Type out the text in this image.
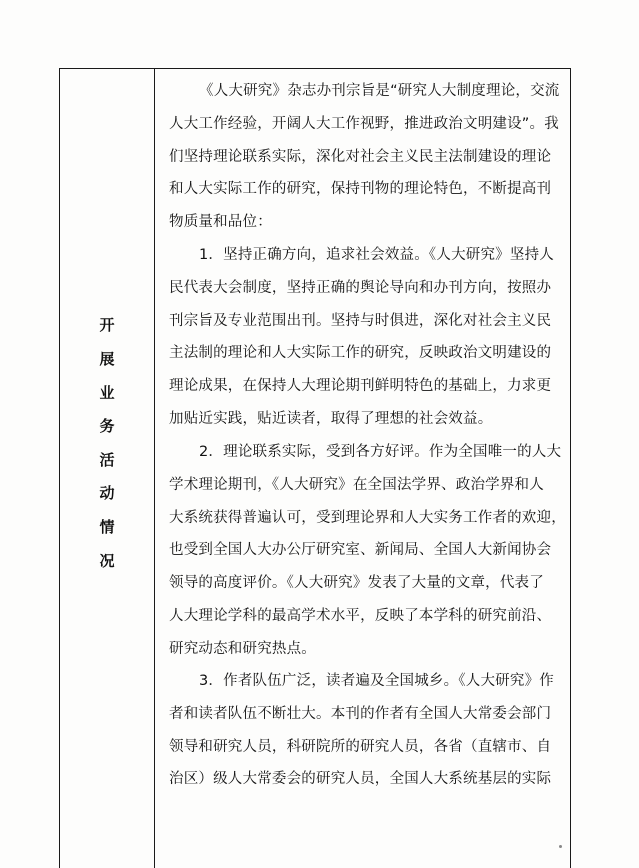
开
展
业
务
活
动
情
况
《人大研究》杂志办刊宗旨是“研究人大制度理论，交流
人大工作经验，开阔人大工作视野，推进政治文明建设”。我
们坚持理论联系实际，深化对社会主义民主法制建设的理论
和人大实际工作的研究，保持刊物的理论特色，不断提高刊
物质量和品位：
1．坚持正确方向，追求社会效益。《人大研究》坚持人
民代表大会制度，坚持正确的舆论导向和办刊方向，按照办
刊宗旨及专业范围出刊。坚持与时俱进，深化对社会主义民
主法制的理论和人大实际工作的研究，反映政治文明建设的
理论成果，在保持人大理论期刊鲜明特色的基础上，力求更
加贴近实践，贴近读者，取得了理想的社会效益。
2．理论联系实际，受到各方好评。作为全国唯一的人大
学术理论期刊，《人大研究》在全国法学界、政治学界和人
大系统获得普遍认可，受到理论界和人大实务工作者的欢迎，
也受到全国人大办公厅研究室、新闻局、全国人大新闻协会
领导的高度评价。《人大研究》发表了大量的文章，代表了
人大理论学科的最高学术水平，反映了本学科的研究前沿、
研究动态和研究热点。
3．作者队伍广泛，读者遍及全国城乡。《人大研究》作
者和读者队伍不断壮大。本刊的作者有全国人大常委会部门
领导和研究人员，科研院所的研究人员，各省（直辖市、自
治区）级人大常委会的研究人员，全国人大系统基层的实际
